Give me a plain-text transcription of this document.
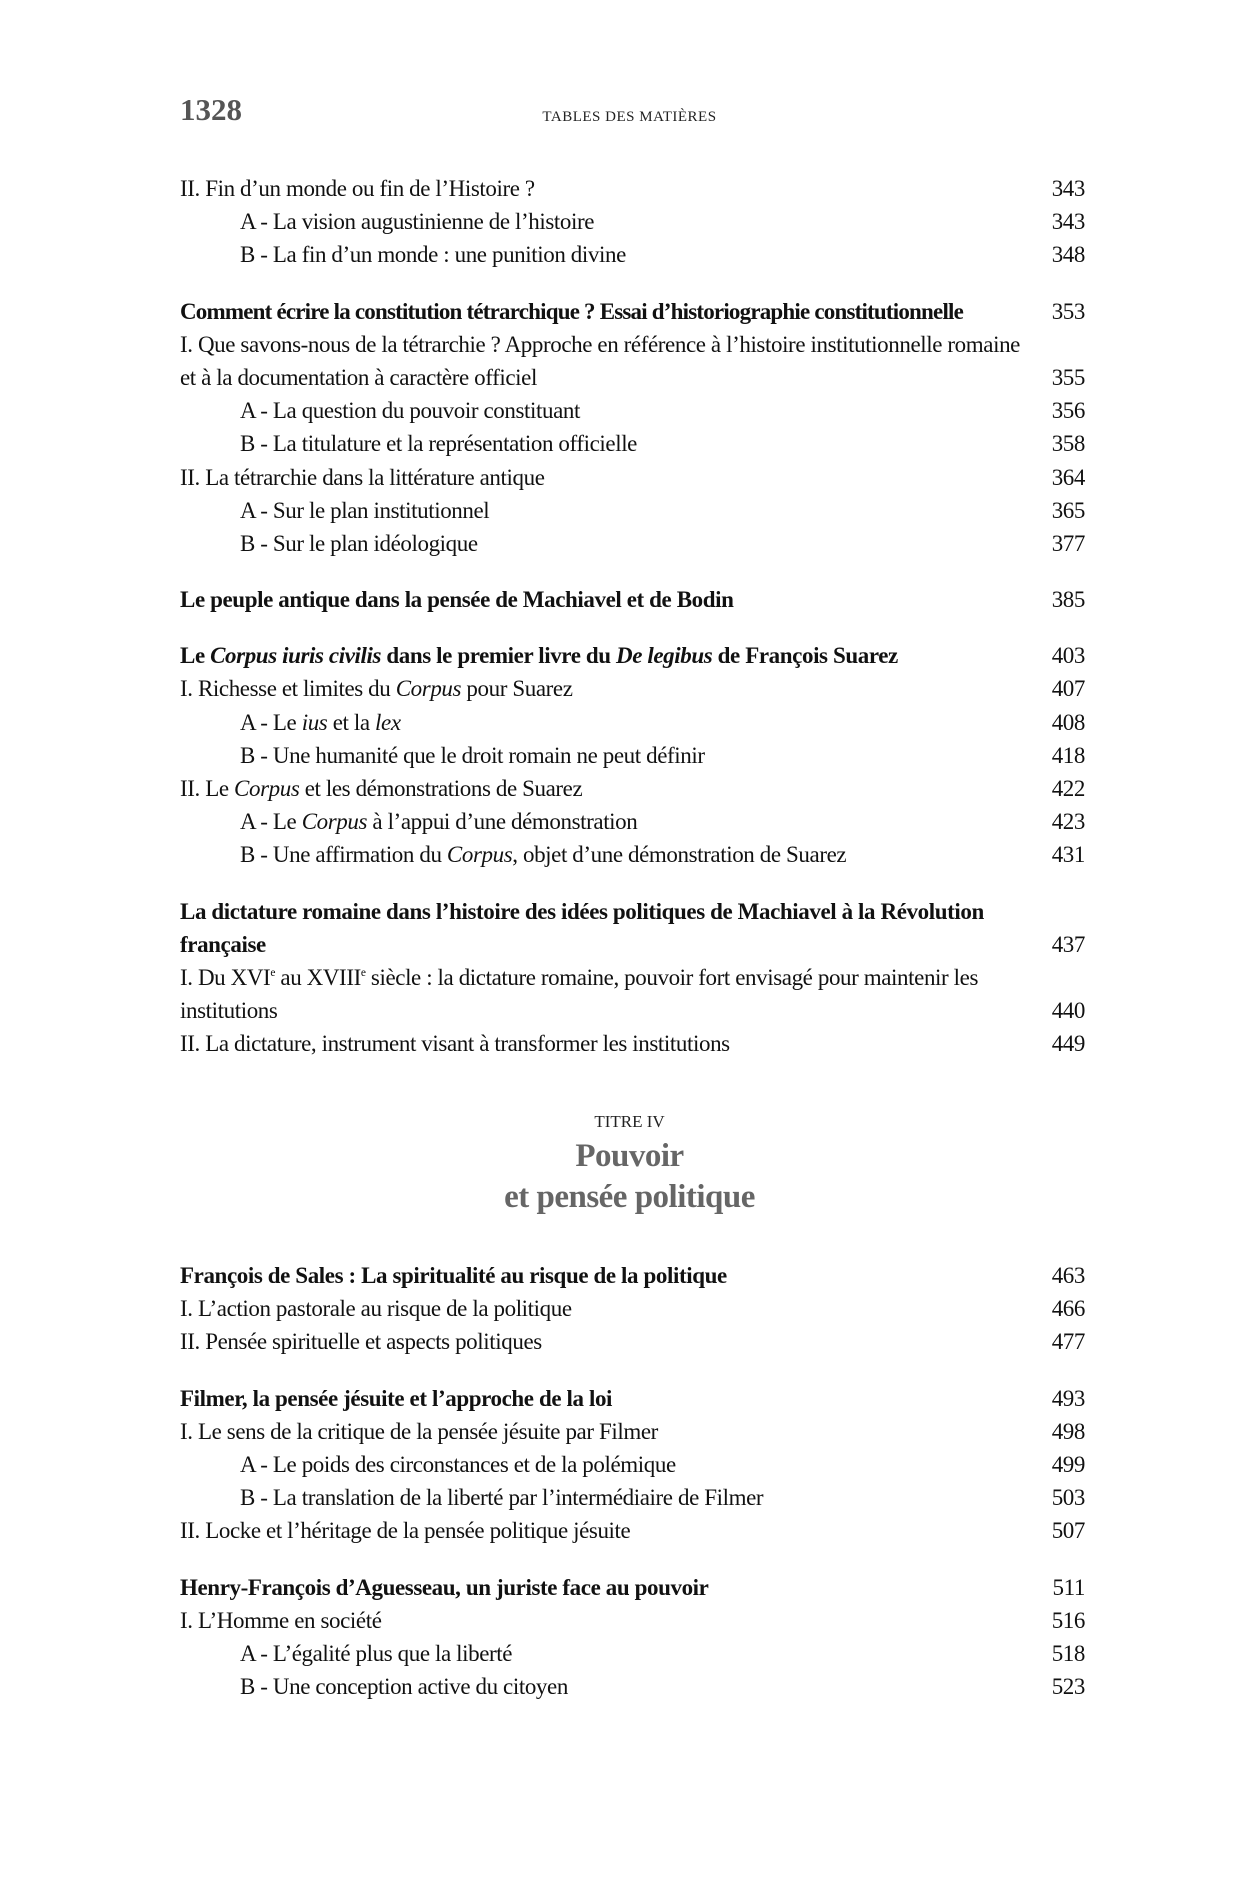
1328	TABLES DES MATIÈRES
II. Fin d’un monde ou fin de l’Histoire ?	343
A - La vision augustinienne de l’histoire	343
B - La fin d’un monde : une punition divine	348
Comment écrire la constitution tétrarchique ? Essai d’historiographie constitutionnelle	353
I. Que savons-nous de la tétrarchie ? Approche en référence à l’histoire institutionnelle romaine et à la documentation à caractère officiel	355
A - La question du pouvoir constituant	356
B - La titulature et la représentation officielle	358
II. La tétrarchie dans la littérature antique	364
A - Sur le plan institutionnel	365
B - Sur le plan idéologique	377
Le peuple antique dans la pensée de Machiavel et de Bodin	385
Le Corpus iuris civilis dans le premier livre du De legibus de François Suarez	403
I. Richesse et limites du Corpus pour Suarez	407
A - Le ius et la lex	408
B - Une humanité que le droit romain ne peut définir	418
II. Le Corpus et les démonstrations de Suarez	422
A - Le Corpus à l’appui d’une démonstration	423
B - Une affirmation du Corpus, objet d’une démonstration de Suarez	431
La dictature romaine dans l’histoire des idées politiques de Machiavel à la Révolution française	437
I. Du XVIe au XVIIIe siècle : la dictature romaine, pouvoir fort envisagé pour maintenir les institutions	440
II. La dictature, instrument visant à transformer les institutions	449
TITRE IV
Pouvoir
et pensée politique
François de Sales : La spiritualité au risque de la politique	463
I. L’action pastorale au risque de la politique	466
II. Pensée spirituelle et aspects politiques	477
Filmer, la pensée jésuite et l’approche de la loi	493
I. Le sens de la critique de la pensée jésuite par Filmer	498
A - Le poids des circonstances et de la polémique	499
B - La translation de la liberté par l’intermédiaire de Filmer	503
II. Locke et l’héritage de la pensée politique jésuite	507
Henry-François d’Aguesseau, un juriste face au pouvoir	511
I. L’Homme en société	516
A - L’égalité plus que la liberté	518
B - Une conception active du citoyen	523
